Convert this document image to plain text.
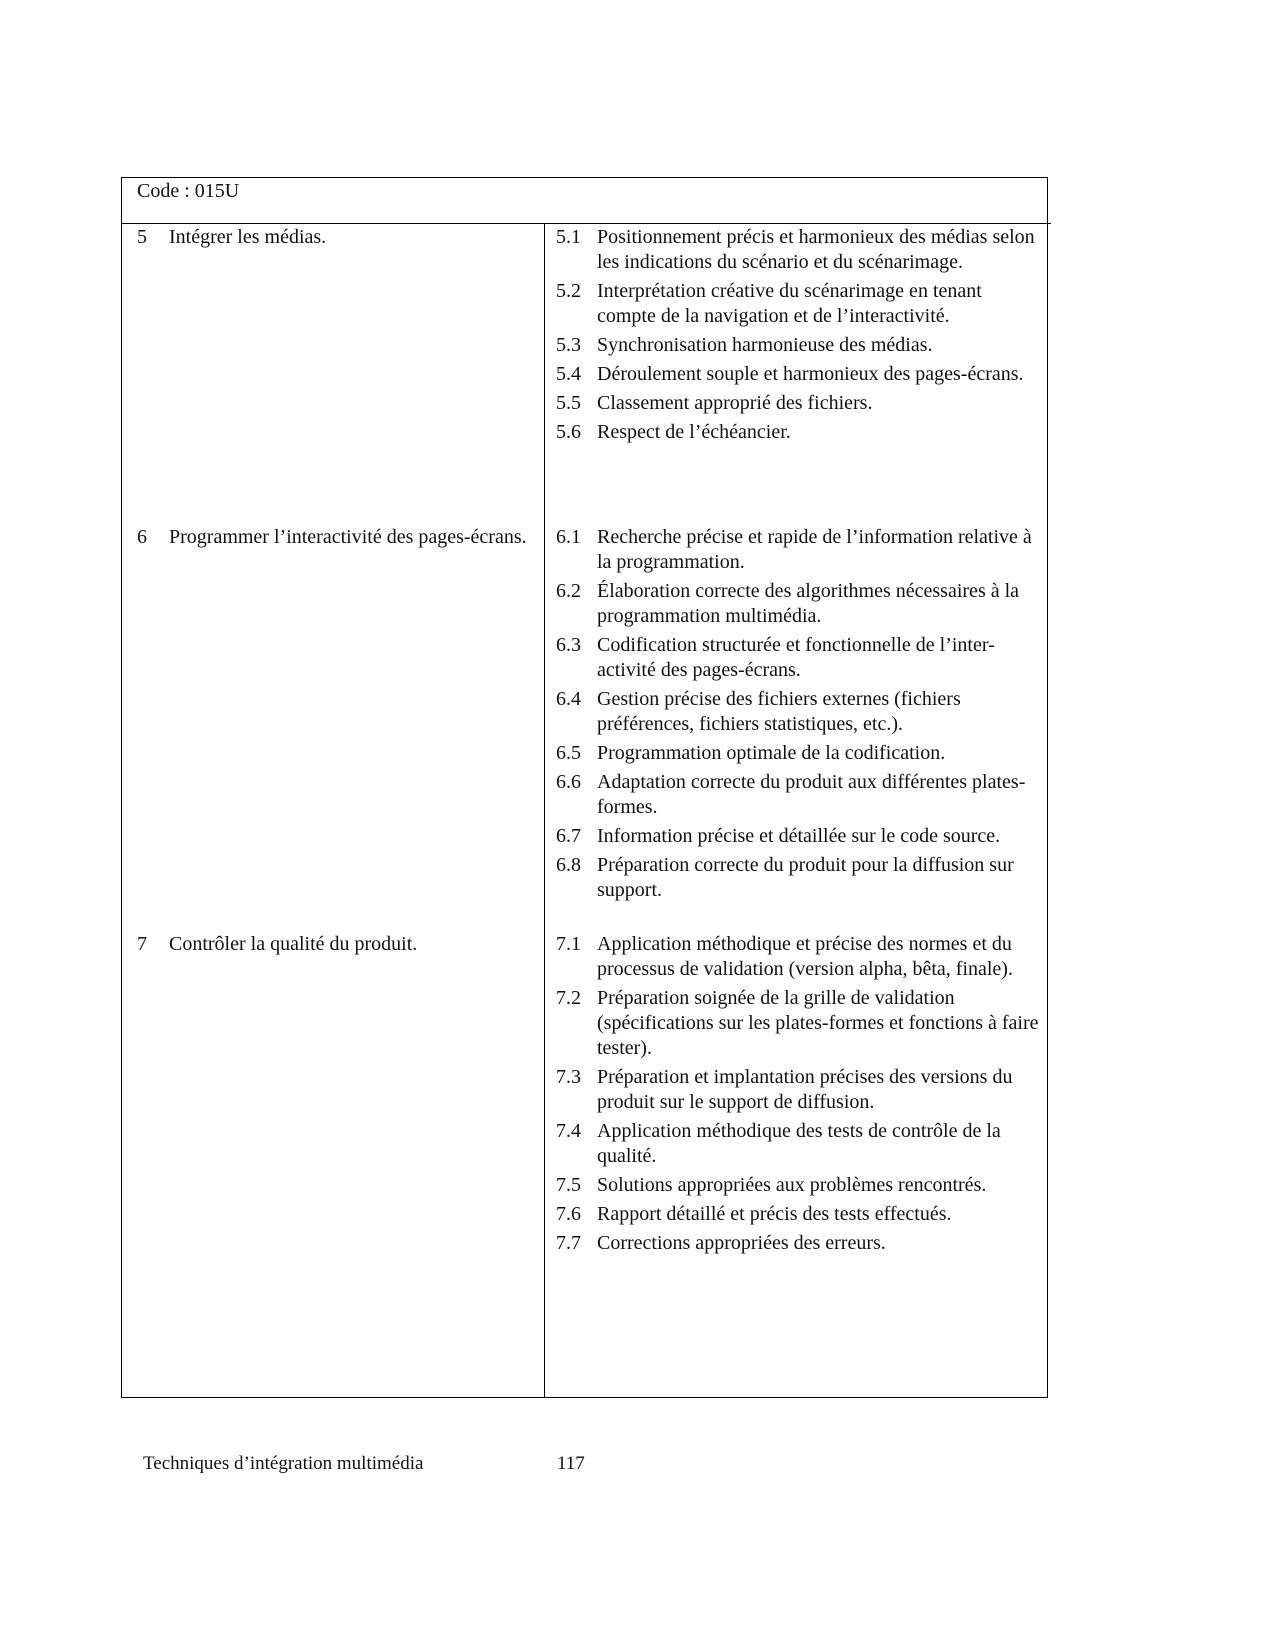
Code : 015U
5	Intégrer les médias.	5.1 Positionnement précis et harmonieux des médias selon les indications du scénario et du scénarimage.
5.2 Interprétation créative du scénarimage en tenant compte de la navigation et de l’interactivité.
5.3 Synchronisation harmonieuse des médias.
5.4 Déroulement souple et harmonieux des pages-écrans.
5.5 Classement approprié des fichiers.
5.6 Respect de l’échéancier.
6	Programmer l’interactivité des pages-écrans. 6.1 Recherche précise et rapide de l’information relative à la programmation.
6.2 Élaboration correcte des algorithmes nécessaires à la programmation multimédia.
6.3 Codification structurée et fonctionnelle de l’inter-activité des pages-écrans.
6.4 Gestion précise des fichiers externes (fichiers préférences, fichiers statistiques, etc.).
6.5 Programmation optimale de la codification.
6.6 Adaptation correcte du produit aux différentes plates-formes.
6.7 Information précise et détaillée sur le code source.
6.8 Préparation correcte du produit pour la diffusion sur support.
7	Contrôler la qualité du produit.	7.1 Application méthodique et précise des normes et du processus de validation (version alpha, bêta, finale).
7.2 Préparation soignée de la grille de validation (spécifications sur les plates-formes et fonctions à faire tester).
7.3 Préparation et implantation précises des versions du produit sur le support de diffusion.
7.4 Application méthodique des tests de contrôle de la qualité.
7.5 Solutions appropriées aux problèmes rencontrés.
7.6 Rapport détaillé et précis des tests effectués.
7.7 Corrections appropriées des erreurs.
Techniques d’intégration multimédia	117
